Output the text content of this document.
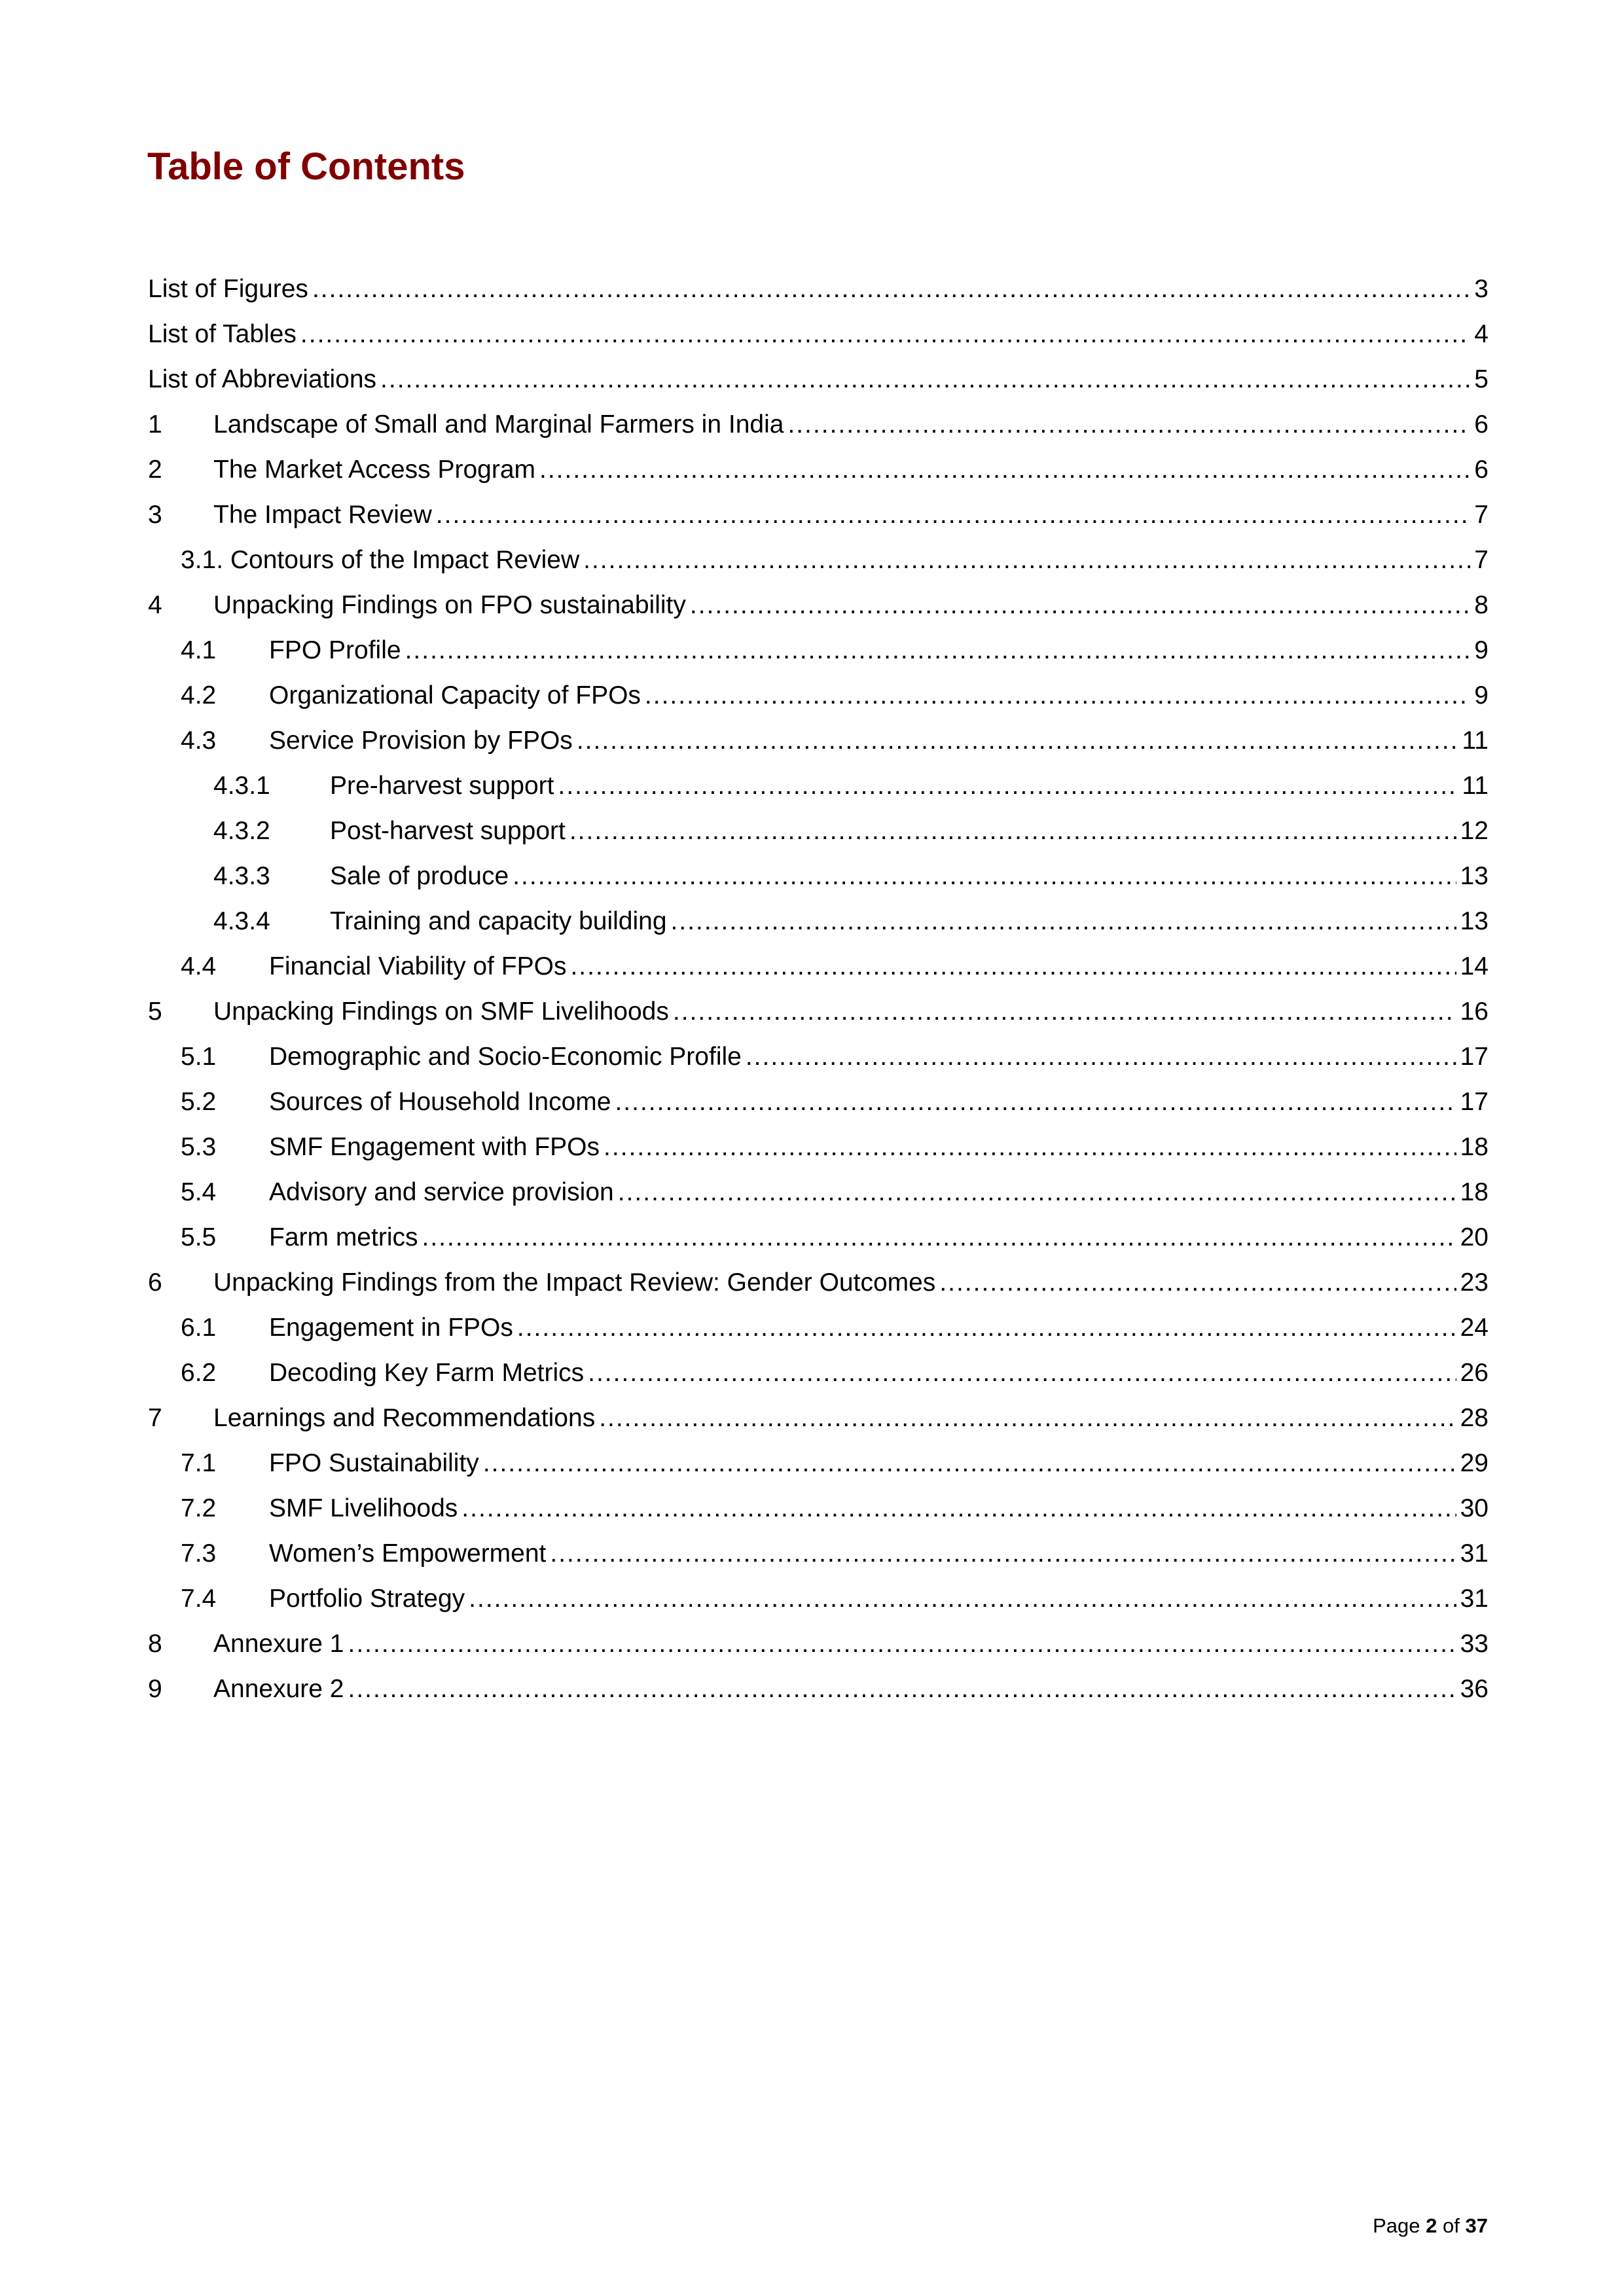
Table of Contents
List of Figures .....	3
List of Tables .....	4
List of Abbreviations .....	5
1	Landscape of Small and Marginal Farmers in India .....	6
2	The Market Access Program .....	6
3	The Impact Review .....	7
3.1. Contours of the Impact Review .....	7
4	Unpacking Findings on FPO sustainability .....	8
4.1	FPO Profile .....	9
4.2	Organizational Capacity of FPOs .....	9
4.3	Service Provision by FPOs .....	11
4.3.1	Pre-harvest support .....	11
4.3.2	Post-harvest support .....	12
4.3.3	Sale of produce .....	13
4.3.4	Training and capacity building .....	13
4.4	Financial Viability of FPOs .....	14
5	Unpacking Findings on SMF Livelihoods .....	16
5.1	Demographic and Socio-Economic Profile .....	17
5.2	Sources of Household Income .....	17
5.3	SMF Engagement with FPOs .....	18
5.4	Advisory and service provision .....	18
5.5	Farm metrics .....	20
6	Unpacking Findings from the Impact Review: Gender Outcomes .....	23
6.1	Engagement in FPOs .....	24
6.2	Decoding Key Farm Metrics .....	26
7	Learnings and Recommendations .....	28
7.1	FPO Sustainability .....	29
7.2	SMF Livelihoods .....	30
7.3	Women’s Empowerment .....	31
7.4	Portfolio Strategy .....	31
8	Annexure 1 .....	33
9	Annexure 2 .....	36
Page 2 of 37
